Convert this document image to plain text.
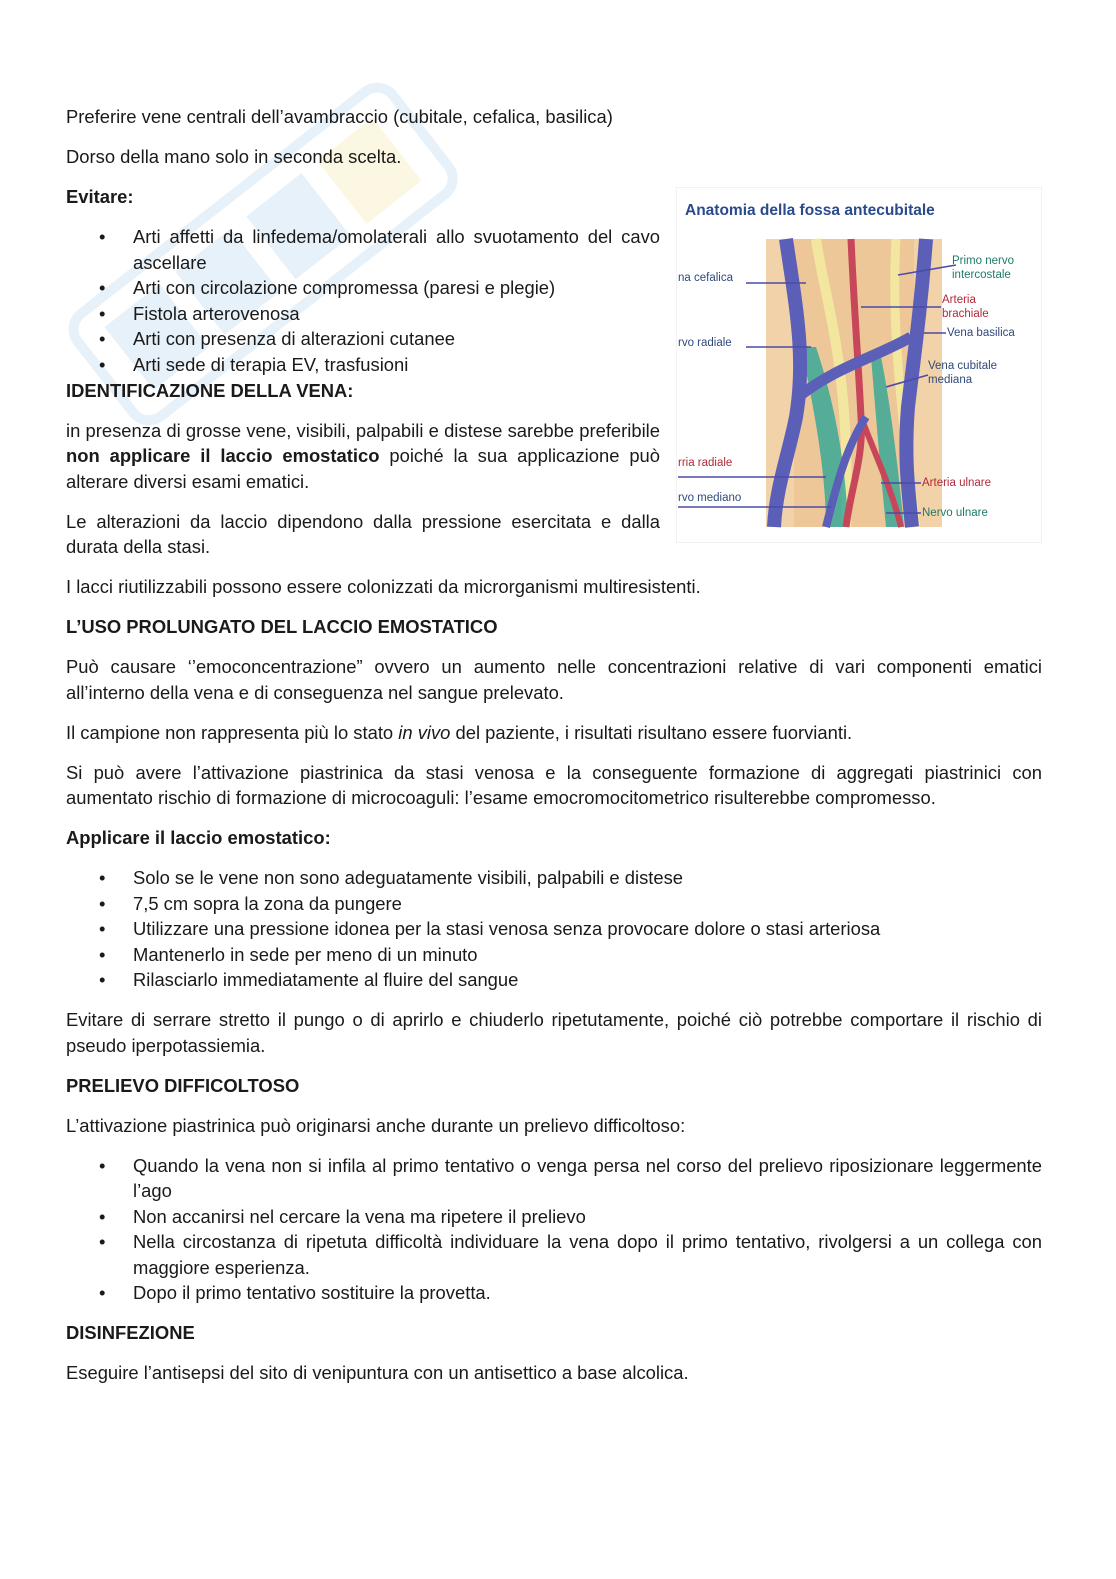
Preferire vene centrali dell’avambraccio (cubitale, cefalica, basilica)

Dorso della mano solo in seconda scelta.

Evitare:

• Arti affetti da linfedema/omolaterali allo svuotamento del cavo ascellare
• Arti con circolazione compromessa (paresi e plegie)
• Fistola arterovenosa
• Arti con presenza di alterazioni cutanee
• Arti sede di terapia EV, trasfusioni

IDENTIFICAZIONE DELLA VENA:

in presenza di grosse vene, visibili, palpabili e distese sarebbe preferibile non applicare il laccio emostatico poiché la sua applicazione può alterare diversi esami ematici.

Le alterazioni da laccio dipendono dalla pressione esercitata e dalla durata della stasi.

I lacci riutilizzabili possono essere colonizzati da microrganismi multiresistenti.

L’USO PROLUNGATO DEL LACCIO EMOSTATICO

Può causare ‘’emoconcentrazione” ovvero un aumento nelle concentrazioni relative di vari componenti ematici all’interno della vena e di conseguenza nel sangue prelevato.

Il campione non rappresenta più lo stato in vivo del paziente, i risultati risultano essere fuorvianti.

Si può avere l’attivazione piastrinica da stasi venosa e la conseguente formazione di aggregati piastrinici con aumentato rischio di formazione di microcoaguli: l’esame emocromocitometrico risulterebbe compromesso.

Applicare il laccio emostatico:

• Solo se le vene non sono adeguatamente visibili, palpabili e distese
• 7,5 cm sopra la zona da pungere
• Utilizzare una pressione idonea per la stasi venosa senza provocare dolore o stasi arteriosa
• Mantenerlo in sede per meno di un minuto
• Rilasciarlo immediatamente al fluire del sangue

Evitare di serrare stretto il pungo o di aprirlo e chiuderlo ripetutamente, poiché ciò potrebbe comportare il rischio di pseudo iperpotassiemia.

PRELIEVO DIFFICOLTOSO

L’attivazione piastrinica può originarsi anche durante un prelievo difficoltoso:

• Quando la vena non si infila al primo tentativo o venga persa nel corso del prelievo riposizionare leggermente l’ago
• Non accanirsi nel cercare la vena ma ripetere il prelievo
• Nella circostanza di ripetuta difficoltà individuare la vena dopo il primo tentativo, rivolgersi a un collega con maggiore esperienza.
• Dopo il primo tentativo sostituire la provetta.

DISINFEZIONE

Eseguire l’antisepsi del sito di venipuntura con un antisettico a base alcolica.

Anatomia della fossa antecubitale
na cefalica
rvo radiale
rria radiale
rvo mediano
Primo nervo
intercostale
Arteria
brachiale
Vena basilica
Vena cubitale
mediana
Arteria ulnare
Nervo ulnare
